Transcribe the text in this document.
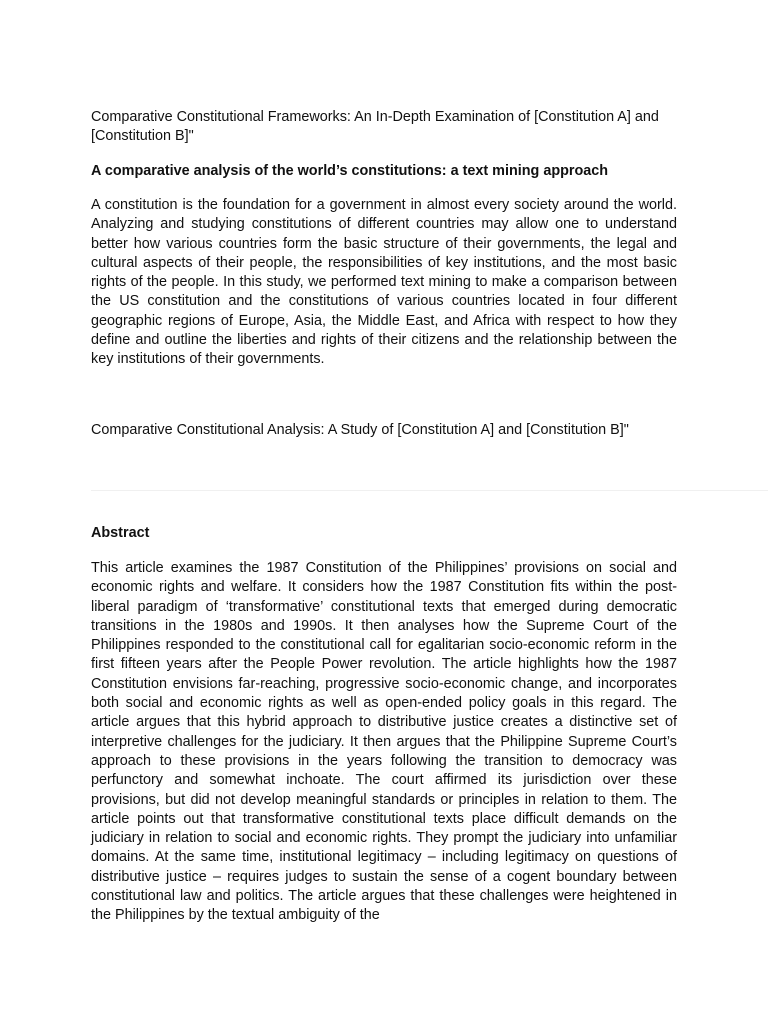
Comparative Constitutional Frameworks: An In-Depth Examination of [Constitution A] and [Constitution B]"

A comparative analysis of the world’s constitutions: a text mining approach

A constitution is the foundation for a government in almost every society around the world. Analyzing and studying constitutions of different countries may allow one to understand better how various countries form the basic structure of their governments, the legal and cultural aspects of their people, the responsibilities of key institutions, and the most basic rights of the people. In this study, we performed text mining to make a comparison between the US constitution and the constitutions of various countries located in four different geographic regions of Europe, Asia, the Middle East, and Africa with respect to how they define and outline the liberties and rights of their citizens and the relationship between the key institutions of their governments.

Comparative Constitutional Analysis: A Study of [Constitution A] and [Constitution B]"

Abstract

This article examines the 1987 Constitution of the Philippines’ provisions on social and economic rights and welfare. It considers how the 1987 Constitution fits within the post-liberal paradigm of ‘transformative’ constitutional texts that emerged during democratic transitions in the 1980s and 1990s. It then analyses how the Supreme Court of the Philippines responded to the constitutional call for egalitarian socio-economic reform in the first fifteen years after the People Power revolution. The article highlights how the 1987 Constitution envisions far-reaching, progressive socio-economic change, and incorporates both social and economic rights as well as open-ended policy goals in this regard. The article argues that this hybrid approach to distributive justice creates a distinctive set of interpretive challenges for the judiciary. It then argues that the Philippine Supreme Court’s approach to these provisions in the years following the transition to democracy was perfunctory and somewhat inchoate. The court affirmed its jurisdiction over these provisions, but did not develop meaningful standards or principles in relation to them. The article points out that transformative constitutional texts place difficult demands on the judiciary in relation to social and economic rights. They prompt the judiciary into unfamiliar domains. At the same time, institutional legitimacy – including legitimacy on questions of distributive justice – requires judges to sustain the sense of a cogent boundary between constitutional law and politics. The article argues that these challenges were heightened in the Philippines by the textual ambiguity of the
